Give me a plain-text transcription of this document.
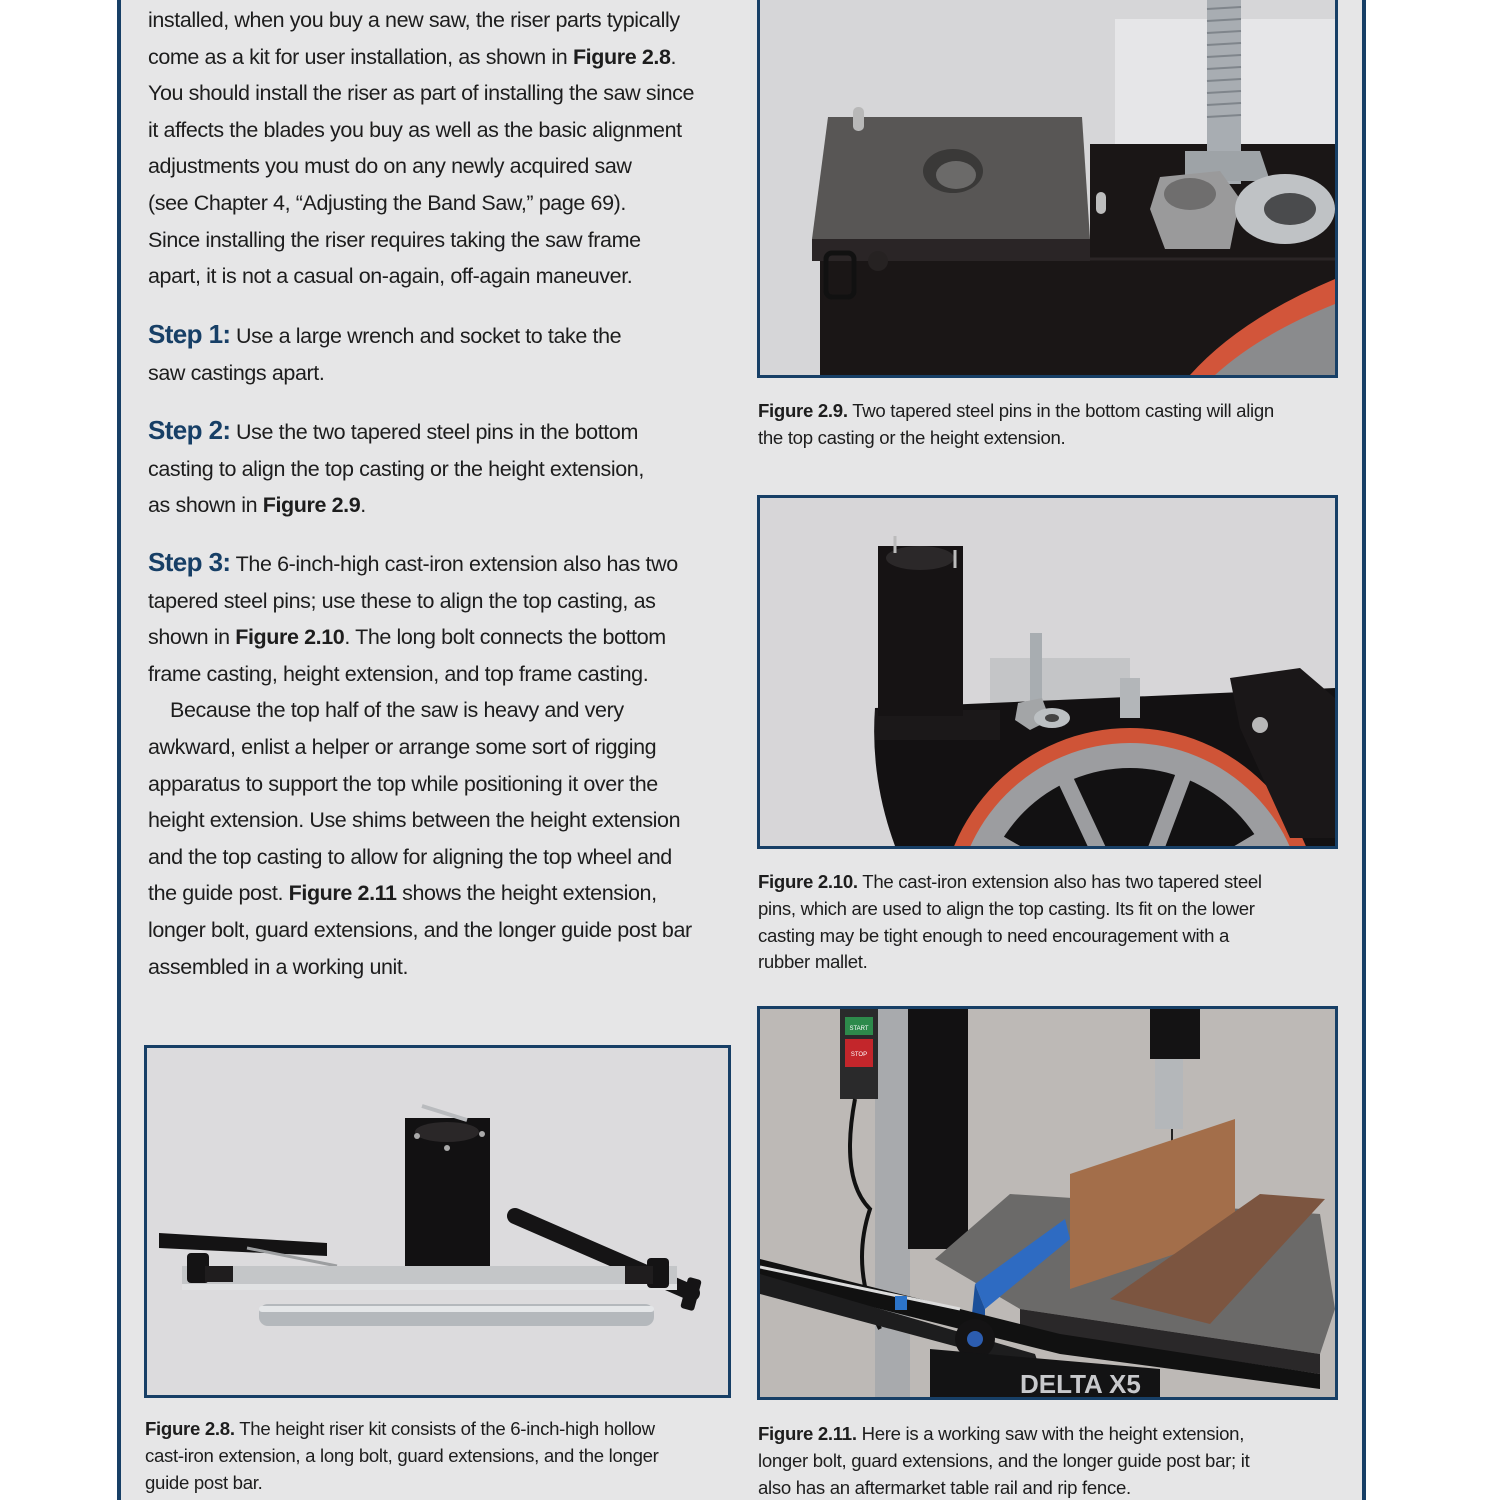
installed, when you buy a new saw, the riser parts typically
come as a kit for user installation, as shown in Figure 2.8.
You should install the riser as part of installing the saw since
it affects the blades you buy as well as the basic alignment
adjustments you must do on any newly acquired saw
(see Chapter 4, “Adjusting the Band Saw,” page 69).
Since installing the riser requires taking the saw frame
apart, it is not a casual on-again, off-again maneuver.
Step 1: Use a large wrench and socket to take the
saw castings apart.
Step 2: Use the two tapered steel pins in the bottom
casting to align the top casting or the height extension,
as shown in Figure 2.9.
Step 3: The 6-inch-high cast-iron extension also has two
tapered steel pins; use these to align the top casting, as
shown in Figure 2.10. The long bolt connects the bottom
frame casting, height extension, and top frame casting.
Because the top half of the saw is heavy and very
awkward, enlist a helper or arrange some sort of rigging
apparatus to support the top while positioning it over the
height extension. Use shims between the height extension
and the top casting to allow for aligning the top wheel and
the guide post. Figure 2.11 shows the height extension,
longer bolt, guard extensions, and the longer guide post bar
assembled in a working unit.
Figure 2.9. Two tapered steel pins in the bottom casting will align
the top casting or the height extension.
Figure 2.10. The cast-iron extension also has two tapered steel
pins, which are used to align the top casting. Its fit on the lower
casting may be tight enough to need encouragement with a
rubber mallet.
Figure 2.8. The height riser kit consists of the 6-inch-high hollow
cast-iron extension, a long bolt, guard extensions, and the longer
guide post bar.
START
STOP
DELTA X5
Figure 2.11. Here is a working saw with the height extension,
longer bolt, guard extensions, and the longer guide post bar; it
also has an aftermarket table rail and rip fence.
